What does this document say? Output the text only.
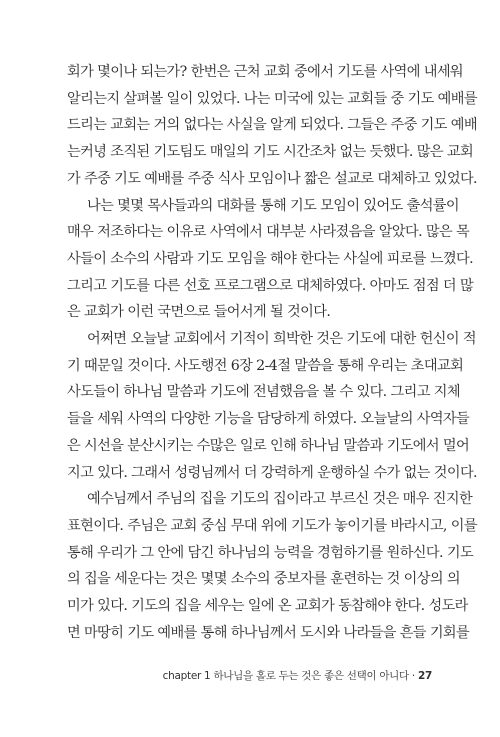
회가 몇이나 되는가? 한번은 근처 교회 중에서 기도를 사역에 내세워
알리는지 살펴볼 일이 있었다. 나는 미국에 있는 교회들 중 기도 예배를
드리는 교회는 거의 없다는 사실을 알게 되었다. 그들은 주중 기도 예배
는커녕 조직된 기도팀도 매일의 기도 시간조차 없는 듯했다. 많은 교회
가 주중 기도 예배를 주중 식사 모임이나 짧은 설교로 대체하고 있었다.
나는 몇몇 목사들과의 대화를 통해 기도 모임이 있어도 출석률이
매우 저조하다는 이유로 사역에서 대부분 사라졌음을 알았다. 많은 목
사들이 소수의 사람과 기도 모임을 해야 한다는 사실에 피로를 느꼈다.
그리고 기도를 다른 선호 프로그램으로 대체하였다. 아마도 점점 더 많
은 교회가 이런 국면으로 들어서게 될 것이다.
어쩌면 오늘날 교회에서 기적이 희박한 것은 기도에 대한 헌신이 적
기 때문일 것이다. 사도행전 6장 2-4절 말씀을 통해 우리는 초대교회
사도들이 하나님 말씀과 기도에 전념했음을 볼 수 있다. 그리고 지체
들을 세워 사역의 다양한 기능을 담당하게 하였다. 오늘날의 사역자들
은 시선을 분산시키는 수많은 일로 인해 하나님 말씀과 기도에서 멀어
지고 있다. 그래서 성령님께서 더 강력하게 운행하실 수가 없는 것이다.
예수님께서 주님의 집을 기도의 집이라고 부르신 것은 매우 진지한
표현이다. 주님은 교회 중심 무대 위에 기도가 놓이기를 바라시고, 이를
통해 우리가 그 안에 담긴 하나님의 능력을 경험하기를 원하신다. 기도
의 집을 세운다는 것은 몇몇 소수의 중보자를 훈련하는 것 이상의 의
미가 있다. 기도의 집을 세우는 일에 온 교회가 동참해야 한다. 성도라
면 마땅히 기도 예배를 통해 하나님께서 도시와 나라들을 흔들 기회를
chapter 1 하나님을 홀로 두는 것은 좋은 선택이 아니다 · 27
